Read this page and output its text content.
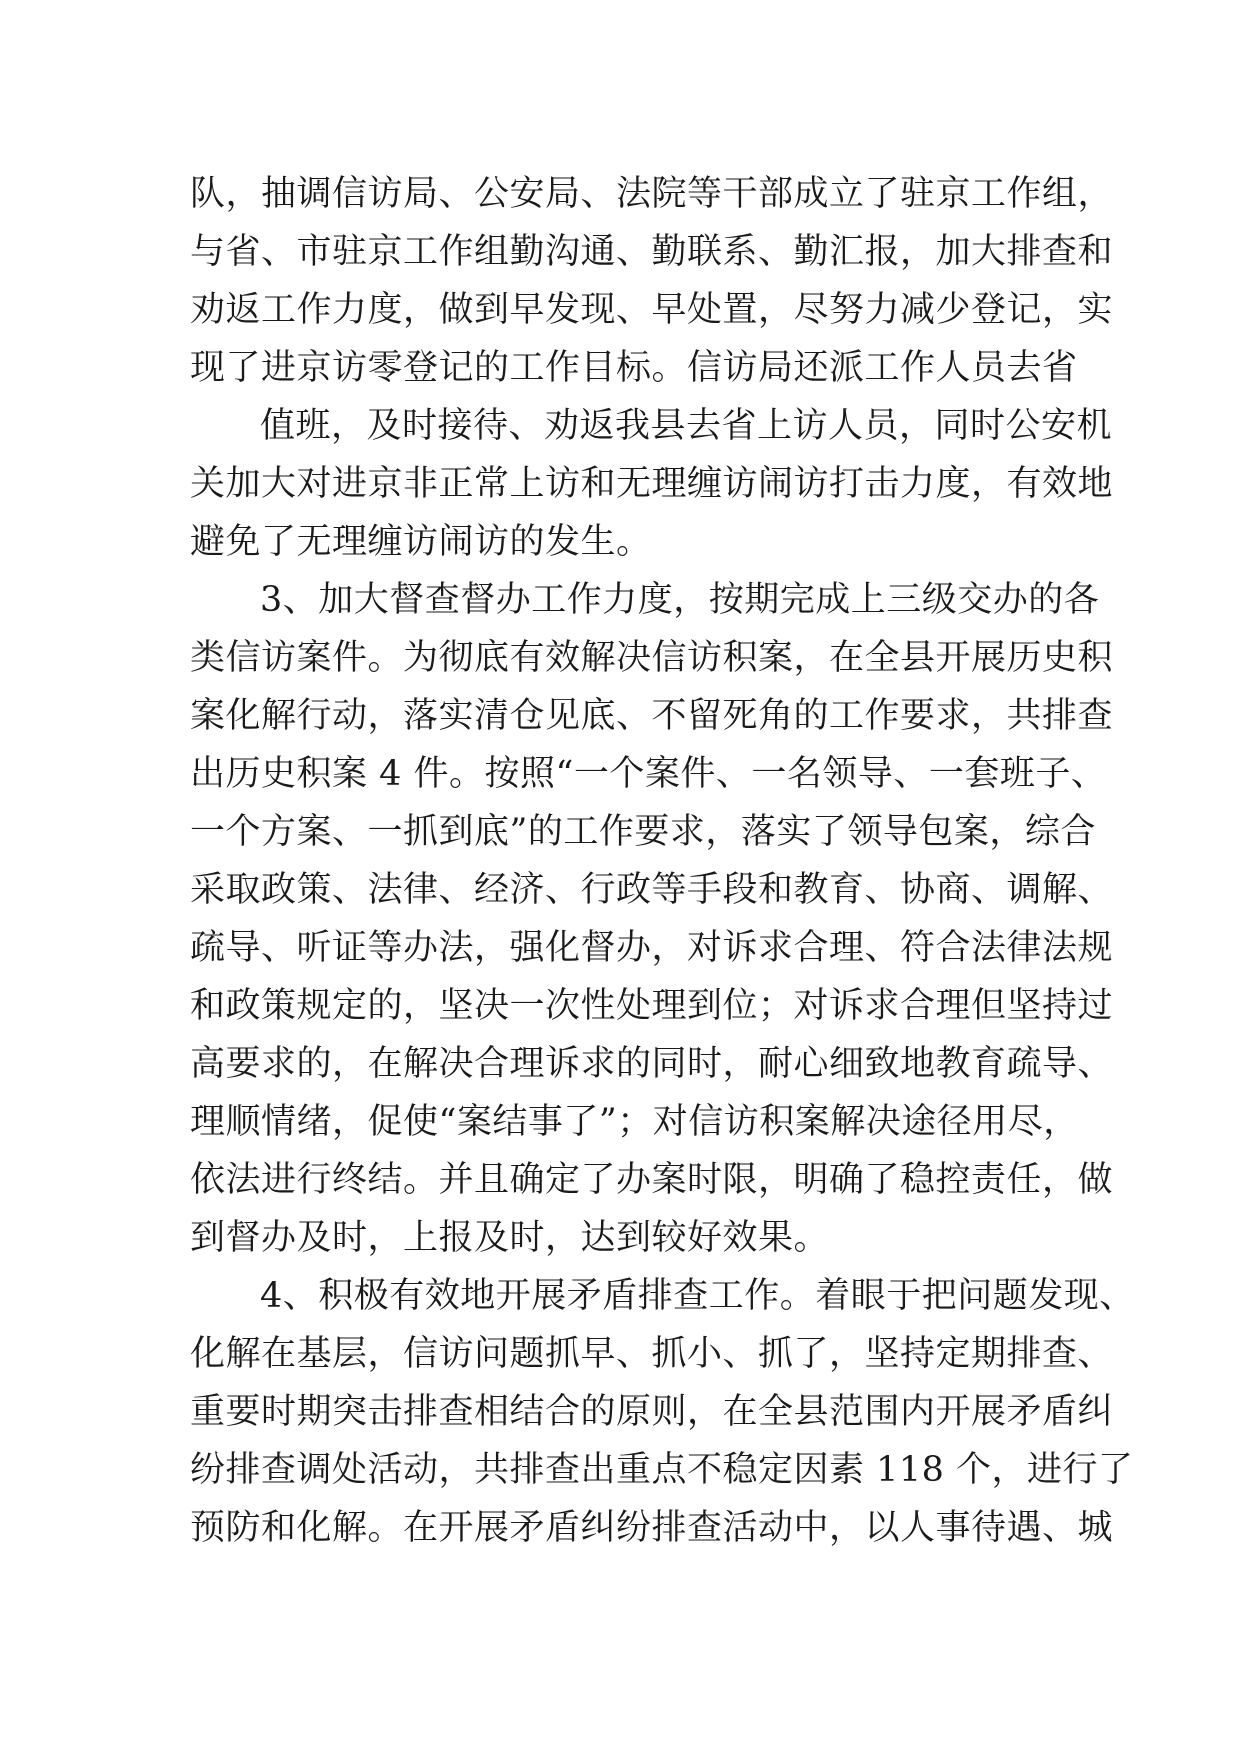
队，抽调信访局、公安局、法院等干部成立了驻京工作组，
与省、市驻京工作组勤沟通、勤联系、勤汇报，加大排查和
劝返工作力度，做到早发现、早处置，尽努力减少登记，实
现了进京访零登记的工作目标。信访局还派工作人员去省
值班，及时接待、劝返我县去省上访人员，同时公安机
关加大对进京非正常上访和无理缠访闹访打击力度，有效地
避免了无理缠访闹访的发生。
3、加大督查督办工作力度，按期完成上三级交办的各
类信访案件。为彻底有效解决信访积案，在全县开展历史积
案化解行动，落实清仓见底、不留死角的工作要求，共排查
出历史积案 4 件。按照“一个案件、一名领导、一套班子、
一个方案、一抓到底”的工作要求，落实了领导包案，综合
采取政策、法律、经济、行政等手段和教育、协商、调解、
疏导、听证等办法，强化督办，对诉求合理、符合法律法规
和政策规定的，坚决一次性处理到位；对诉求合理但坚持过
高要求的，在解决合理诉求的同时，耐心细致地教育疏导、
理顺情绪，促使“案结事了”；对信访积案解决途径用尽，
依法进行终结。并且确定了办案时限，明确了稳控责任，做
到督办及时，上报及时，达到较好效果。
4、积极有效地开展矛盾排查工作。着眼于把问题发现、
化解在基层，信访问题抓早、抓小、抓了，坚持定期排查、
重要时期突击排查相结合的原则，在全县范围内开展矛盾纠
纷排查调处活动，共排查出重点不稳定因素 118 个，进行了
预防和化解。在开展矛盾纠纷排查活动中，以人事待遇、城
